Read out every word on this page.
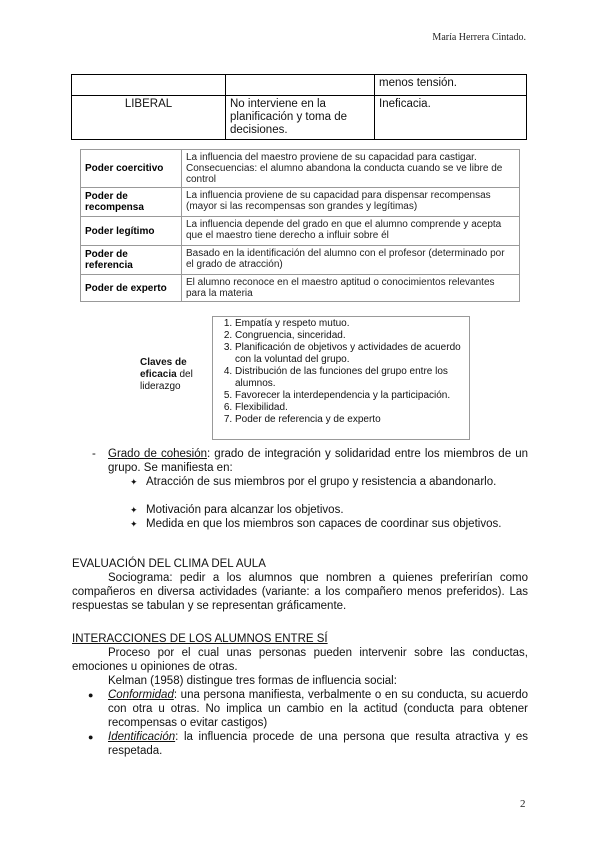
María Herrera Cintado.
		menos tensión.
LIBERAL	No interviene en la planificación y toma de decisiones.	Ineficacia.
Poder coercitivo	La influencia del maestro proviene de su capacidad para castigar. Consecuencias: el alumno abandona la conducta cuando se ve libre de control
Poder de recompensa	La influencia proviene de su capacidad para dispensar recompensas (mayor si las recompensas son grandes y legítimas)
Poder legítimo	La influencia depende del grado en que el alumno comprende y acepta que el maestro tiene derecho a influir sobre él
Poder de referencia	Basado en la identificación del alumno con el profesor (determinado por el grado de atracción)
Poder de experto	El alumno reconoce en el maestro aptitud o conocimientos relevantes para la materia
Claves de eficacia del liderazgo
1. Empatía y respeto mutuo.
2. Congruencia, sinceridad.
3. Planificación de objetivos y actividades de acuerdo con la voluntad del grupo.
4. Distribución de las funciones del grupo entre los alumnos.
5. Favorecer la interdependencia y la participación.
6. Flexibilidad.
7. Poder de referencia y de experto
- Grado de cohesión: grado de integración y solidaridad entre los miembros de un grupo. Se manifiesta en:
✦ Atracción de sus miembros por el grupo y resistencia a abandonarlo.
✦ Motivación para alcanzar los objetivos.
✦ Medida en que los miembros son capaces de coordinar sus objetivos.
EVALUACIÓN DEL CLIMA DEL AULA
Sociograma: pedir a los alumnos que nombren a quienes preferirían como compañeros en diversa actividades (variante: a los compañero menos preferidos). Las respuestas se tabulan y se representan gráficamente.
INTERACCIONES DE LOS ALUMNOS ENTRE SÍ
Proceso por el cual unas personas pueden intervenir sobre las conductas, emociones u opiniones de otras.
Kelman (1958) distingue tres formas de influencia social:
● Conformidad: una persona manifiesta, verbalmente o en su conducta, su acuerdo con otra u otras. No implica un cambio en la actitud (conducta para obtener recompensas o evitar castigos)
● Identificación: la influencia procede de una persona que resulta atractiva y es respetada.
2
